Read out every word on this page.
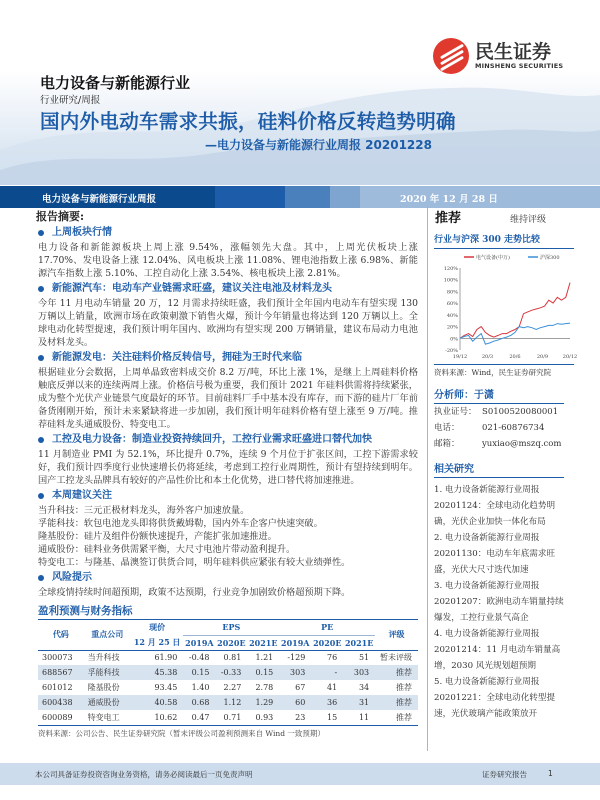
民生证券
MINSHENG SECURITIES
电力设备与新能源行业
行业研究/周报
国内外电动车需求共振，硅料价格反转趋势明确
—电力设备与新能源行业周报 20201228
电力设备与新能源行业周报	2020 年 12 月 28 日
报告摘要:
上周板块行情
电力设备和新能源板块上周上涨 9.54%，涨幅领先大盘。其中，上周光伏板块上涨 17.70%、发电设备上涨 12.04%、风电板块上涨 11.08%、锂电池指数上涨 6.98%、新能源汽车指数上涨 5.10%、工控自动化上涨 3.54%、核电板块上涨 2.81%。
新能源汽车：电动车产业链需求旺盛，建议关注电池及材料龙头
今年 11 月电动车销量 20 万，12 月需求持续旺盛，我们预计全年国内电动车有望实现 130 万辆以上销量，欧洲市场在政策刺激下销售火爆，预计今年销量也将达到 120 万辆以上。全球电动化转型提速，我们预计明年国内、欧洲均有望实现 200 万辆销量，建议布局动力电池及材料龙头。
新能源发电：关注硅料价格反转信号，拥硅为王时代来临
根据硅业分会数据，上周单晶致密料成交价 8.2 万/吨，环比上涨 1%，是继上上周硅料价格触底反弹以来的连续两周上涨。价格信号极为重要，我们预计 2021 年硅料供需将持续紧张，成为整个光伏产业链景气度最好的环节。目前硅料厂手中基本没有库存，而下游的硅片厂年前备货刚刚开始，预计未来紧缺将进一步加剧，我们预计明年硅料价格有望上涨至 9 万/吨。推荐硅料龙头通威股份、特变电工。
工控及电力设备：制造业投资持续回升，工控行业需求旺盛进口替代加快
11 月制造业 PMI 为 52.1%，环比提升 0.7%，连续 9 个月位于扩张区间，工控下游需求较好，我们预计四季度行业快速增长仍将延续，考虑到工控行业周期性，预计有望持续到明年。国产工控龙头品牌具有较好的产品性价比和本土化优势，进口替代将加速推进。
本周建议关注
当升科技：三元正极材料龙头，海外客户加速放量。
孚能科技：软包电池龙头即将供货戴姆勒，国内外车企客户快速突破。
隆基股份：硅片及组件份额快速提升，产能扩张加速推进。
通威股份：硅料业务供需紧平衡，大尺寸电池片带动盈利提升。
特变电工：与隆基、晶澳签订供货合同，明年硅料供应紧张有较大业绩弹性。
风险提示
全球疫情持续时间超预期，政策不达预期，行业竞争加剧致价格超预期下降。
盈利预测与财务指标
代码	重点公司	现价	EPS			PE			评级
		12 月 25 日	2019A	2020E	2021E	2019A	2020E	2021E	
300073	当升科技	61.90	-0.48	0.81	1.21	-129	76	51	暂未评级
688567	孚能科技	45.38	0.15	-0.33	0.15	303	-	303	推荐
601012	隆基股份	93.45	1.40	2.27	2.78	67	41	34	推荐
600438	通威股份	40.58	0.68	1.12	1.29	60	36	31	推荐
600089	特变电工	10.62	0.47	0.71	0.93	23	15	11	推荐
资料来源：公司公告、民生证券研究院（暂未评级公司盈利预测来自 Wind 一致预期）
推荐	维持评级
行业与沪深 300 走势比较
-20%
0%
20%
40%
60%
80%
100%
120%
19/12	20/3	20/6	20/9	20/12
电气设备(中万)	沪深300
资料来源：Wind，民生证券研究院
分析师：于潇
执业证号： S0100520080001
电话：	021-60876734
邮箱：	yuxiao@mszq.com
相关研究
1. 电力设备新能源行业周报 20201124：全球电动化趋势明确，光伏企业加快一体化布局
2. 电力设备新能源行业周报 20201130：电动车年底需求旺盛，光伏大尺寸迭代加速
3. 电力设备新能源行业周报 20201207：欧洲电动车销量持续爆发，工控行业景气高企
4. 电力设备新能源行业周报 20201214：11 月电动车销量高增，2030 风光规划超预期
5. 电力设备新能源行业周报 20201221：全球电动化转型提速，光伏玻璃产能政策放开
本公司具备证券投资咨询业务资格，请务必阅读最后一页免责声明	证券研究报告	1
